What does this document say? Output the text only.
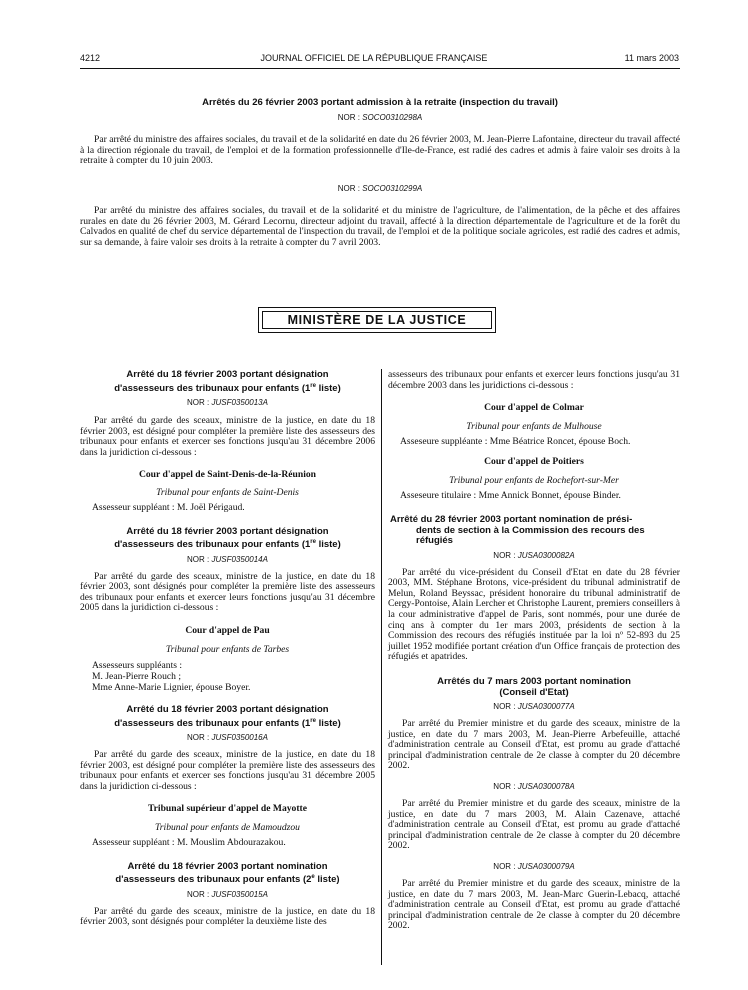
4212	JOURNAL OFFICIEL DE LA RÉPUBLIQUE FRANÇAISE	11 mars 2003
Arrêtés du 26 février 2003 portant admission à la retraite (inspection du travail)
NOR : SOCO0310298A

Par arrêté du ministre des affaires sociales, du travail et de la solidarité en date du 26 février 2003, M. Jean-Pierre Lafontaine, directeur du travail affecté à la direction régionale du travail, de l'emploi et de la formation professionnelle d'Ile-de-France, est radié des cadres et admis à faire valoir ses droits à la retraite à compter du 10 juin 2003.

NOR : SOCO0310299A

Par arrêté du ministre des affaires sociales, du travail et de la solidarité et du ministre de l'agriculture, de l'alimentation, de la pêche et des affaires rurales en date du 26 février 2003, M. Gérard Lecornu, directeur adjoint du travail, affecté à la direction départementale de l'agriculture et de la forêt du Calvados en qualité de chef du service départemental de l'inspection du travail, de l'emploi et de la politique sociale agricoles, est radié des cadres et admis, sur sa demande, à faire valoir ses droits à la retraite à compter du 7 avril 2003.

MINISTÈRE DE LA JUSTICE
Arrêté du 18 février 2003 portant désignation
d'assesseurs des tribunaux pour enfants (1re liste)
NOR : JUSF0350013A

Par arrêté du garde des sceaux, ministre de la justice, en date du 18 février 2003, est désigné pour compléter la première liste des assesseurs des tribunaux pour enfants et exercer ses fonctions jusqu'au 31 décembre 2006 dans la juridiction ci-dessous :

Cour d'appel de Saint-Denis-de-la-Réunion
Tribunal pour enfants de Saint-Denis
Assesseur suppléant : M. Joël Périgaud.
Arrêté du 18 février 2003 portant désignation
d'assesseurs des tribunaux pour enfants (1re liste)
NOR : JUSF0350014A

Par arrêté du garde des sceaux, ministre de la justice, en date du 18 février 2003, sont désignés pour compléter la première liste des assesseurs des tribunaux pour enfants et exercer leurs fonctions jusqu'au 31 décembre 2005 dans la juridiction ci-dessous :

Cour d'appel de Pau
Tribunal pour enfants de Tarbes
Assesseurs suppléants :
M. Jean-Pierre Rouch ;
Mme Anne-Marie Lignier, épouse Boyer.
Arrêté du 18 février 2003 portant désignation
d'assesseurs des tribunaux pour enfants (1re liste)
NOR : JUSF0350016A

Par arrêté du garde des sceaux, ministre de la justice, en date du 18 février 2003, est désigné pour compléter la première liste des assesseurs des tribunaux pour enfants et exercer ses fonctions jusqu'au 31 décembre 2005 dans la juridiction ci-dessous :

Tribunal supérieur d'appel de Mayotte
Tribunal pour enfants de Mamoudzou
Assesseur suppléant : M. Mouslim Abdourazakou.
Arrêté du 18 février 2003 portant nomination
d'assesseurs des tribunaux pour enfants (2e liste)
NOR : JUSF0350015A

Par arrêté du garde des sceaux, ministre de la justice, en date du 18 février 2003, sont désignés pour compléter la deuxième liste des

assesseurs des tribunaux pour enfants et exercer leurs fonctions jusqu'au 31 décembre 2003 dans les juridictions ci-dessous :

Cour d'appel de Colmar
Tribunal pour enfants de Mulhouse
Asseseure suppléante : Mme Béatrice Roncet, épouse Boch.
Cour d'appel de Poitiers
Tribunal pour enfants de Rochefort-sur-Mer
Asseseure titulaire : Mme Annick Bonnet, épouse Binder.
Arrêté du 28 février 2003 portant nomination de prési-
dents de section à la Commission des recours des
réfugiés
NOR : JUSA0300082A

Par arrêté du vice-président du Conseil d'Etat en date du 28 février 2003, MM. Stéphane Brotons, vice-président du tribunal administratif de Melun, Roland Beyssac, président honoraire du tribunal administratif de Cergy-Pontoise, Alain Lercher et Christophe Laurent, premiers conseillers à la cour administrative d'appel de Paris, sont nommés, pour une durée de cinq ans à compter du 1er mars 2003, présidents de section à la Commission des recours des réfugiés instituée par la loi nº 52-893 du 25 juillet 1952 modifiée portant création d'un Office français de protection des réfugiés et apatrides.

Arrêtés du 7 mars 2003 portant nomination
(Conseil d'Etat)
NOR : JUSA0300077A

Par arrêté du Premier ministre et du garde des sceaux, ministre de la justice, en date du 7 mars 2003, M. Jean-Pierre Arbefeuille, attaché d'administration centrale au Conseil d'Etat, est promu au grade d'attaché principal d'administration centrale de 2e classe à compter du 20 décembre 2002.

NOR : JUSA0300078A

Par arrêté du Premier ministre et du garde des sceaux, ministre de la justice, en date du 7 mars 2003, M. Alain Cazenave, attaché d'administration centrale au Conseil d'Etat, est promu au grade d'attaché principal d'administration centrale de 2e classe à compter du 20 décembre 2002.

NOR : JUSA0300079A

Par arrêté du Premier ministre et du garde des sceaux, ministre de la justice, en date du 7 mars 2003, M. Jean-Marc Guerin-Lebacq, attaché d'administration centrale au Conseil d'Etat, est promu au grade d'attaché principal d'administration centrale de 2e classe à compter du 20 décembre 2002.
